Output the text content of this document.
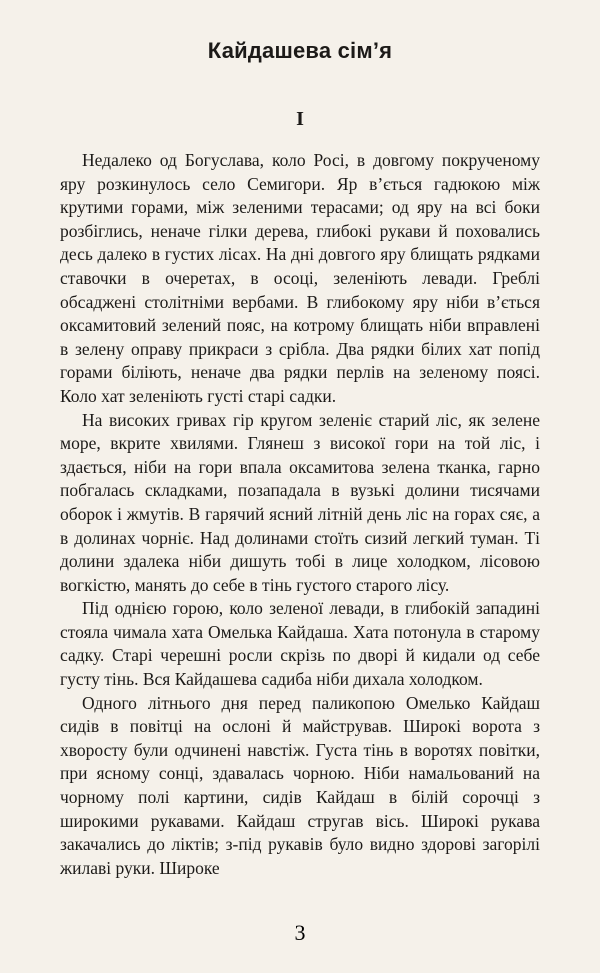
Кайдашева сім’я
I

Недалеко од Богуслава, коло Росі, в довгому покрученому яру розкинулось село Семигори. Яр в’ється гадюкою між крутими горами, між зеленими терасами; од яру на всі боки розбіглись, неначе гілки дерева, глибокі рукави й поховались десь далеко в густих лісах. На дні довгого яру блищать рядками ставочки в очеретах, в осоці, зеленіють левади. Греблі обсаджені столітніми вербами. В глибокому яру ніби в’ється оксамитовий зелений пояс, на котрому блищать ніби вправлені в зелену оправу прикраси з срібла. Два рядки білих хат попід горами біліють, неначе два рядки перлів на зеленому поясі. Коло хат зеленіють густі старі садки.

На високих гривах гір кругом зеленіє старий ліс, як зелене море, вкрите хвилями. Глянеш з високої гори на той ліс, і здається, ніби на гори впала оксамитова зелена тканка, гарно побгалась складками, позападала в вузькі долини тисячами оборок і жмутів. В гарячий ясний літній день ліс на горах сяє, а в долинах чорніє. Над долинами стоїть сизий легкий туман. Ті долини здалека ніби дишуть тобі в лице холодком, лісовою вогкістю, манять до себе в тінь густого старого лісу.

Під однією горою, коло зеленої левади, в глибокій западині стояла чимала хата Омелька Кайдаша. Хата потонула в старому садку. Старі черешні росли скрізь по дворі й кидали од себе густу тінь. Вся Кайдашева садиба ніби дихала холодком.

Одного літнього дня перед паликопою Омелько Кайдаш сидів в повітці на ослоні й майстрував. Широкі ворота з хворосту були одчинені навстіж. Густа тінь в воротях повітки, при ясному сонці, здавалась чорною. Ніби намальований на чорному полі картини, сидів Кайдаш в білій сорочці з широкими рукавами. Кайдаш стругав вісь. Широкі рукава закачались до ліктів; з-під рукавів було видно здорові загорілі жилаві руки. Широке

3
